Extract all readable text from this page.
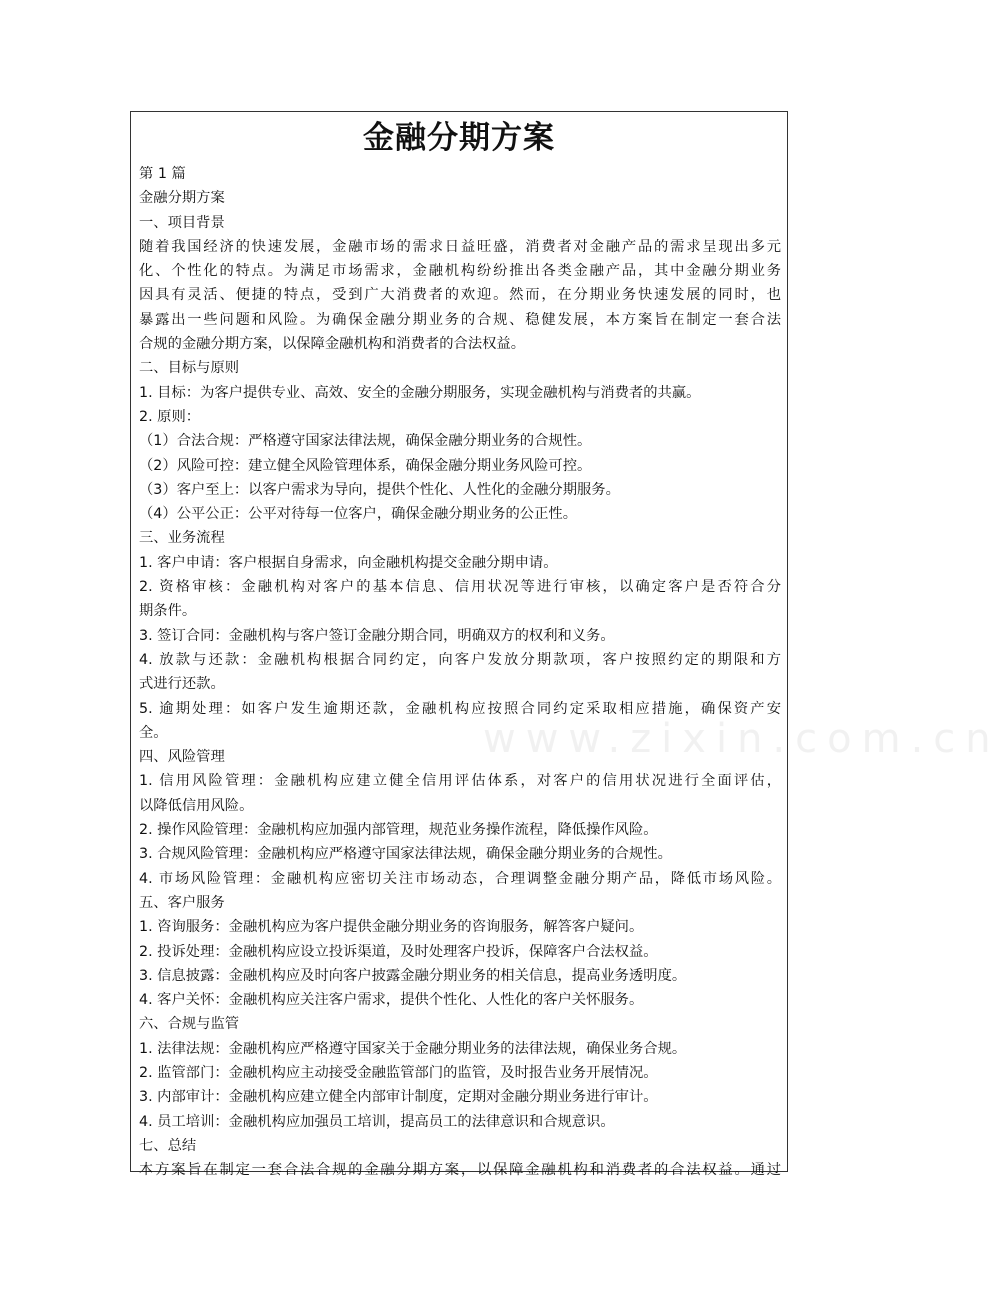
www.zixin.com.cn
金融分期方案
第 1 篇
金融分期方案
一、项目背景
随着我国经济的快速发展，金融市场的需求日益旺盛，消费者对金融产品的需求呈现出多元
化、个性化的特点。为满足市场需求，金融机构纷纷推出各类金融产品，其中金融分期业务
因具有灵活、便捷的特点，受到广大消费者的欢迎。然而，在分期业务快速发展的同时，也
暴露出一些问题和风险。为确保金融分期业务的合规、稳健发展，本方案旨在制定一套合法
合规的金融分期方案，以保障金融机构和消费者的合法权益。
二、目标与原则
1. 目标：为客户提供专业、高效、安全的金融分期服务，实现金融机构与消费者的共赢。
2. 原则：
（1）合法合规：严格遵守国家法律法规，确保金融分期业务的合规性。
（2）风险可控：建立健全风险管理体系，确保金融分期业务风险可控。
（3）客户至上：以客户需求为导向，提供个性化、人性化的金融分期服务。
（4）公平公正：公平对待每一位客户，确保金融分期业务的公正性。
三、业务流程
1. 客户申请：客户根据自身需求，向金融机构提交金融分期申请。
2. 资格审核：金融机构对客户的基本信息、信用状况等进行审核，以确定客户是否符合分
期条件。
3. 签订合同：金融机构与客户签订金融分期合同，明确双方的权利和义务。
4. 放款与还款：金融机构根据合同约定，向客户发放分期款项，客户按照约定的期限和方
式进行还款。
5. 逾期处理：如客户发生逾期还款，金融机构应按照合同约定采取相应措施，确保资产安
全。
四、风险管理
1. 信用风险管理：金融机构应建立健全信用评估体系，对客户的信用状况进行全面评估，
以降低信用风险。
2. 操作风险管理：金融机构应加强内部管理，规范业务操作流程，降低操作风险。
3. 合规风险管理：金融机构应严格遵守国家法律法规，确保金融分期业务的合规性。
4. 市场风险管理：金融机构应密切关注市场动态，合理调整金融分期产品，降低市场风险。
五、客户服务
1. 咨询服务：金融机构应为客户提供金融分期业务的咨询服务，解答客户疑问。
2. 投诉处理：金融机构应设立投诉渠道，及时处理客户投诉，保障客户合法权益。
3. 信息披露：金融机构应及时向客户披露金融分期业务的相关信息，提高业务透明度。
4. 客户关怀：金融机构应关注客户需求，提供个性化、人性化的客户关怀服务。
六、合规与监管
1. 法律法规：金融机构应严格遵守国家关于金融分期业务的法律法规，确保业务合规。
2. 监管部门：金融机构应主动接受金融监管部门的监管，及时报告业务开展情况。
3. 内部审计：金融机构应建立健全内部审计制度，定期对金融分期业务进行审计。
4. 员工培训：金融机构应加强员工培训，提高员工的法律意识和合规意识。
七、总结
本方案旨在制定一套合法合规的金融分期方案，以保障金融机构和消费者的合法权益。通过
